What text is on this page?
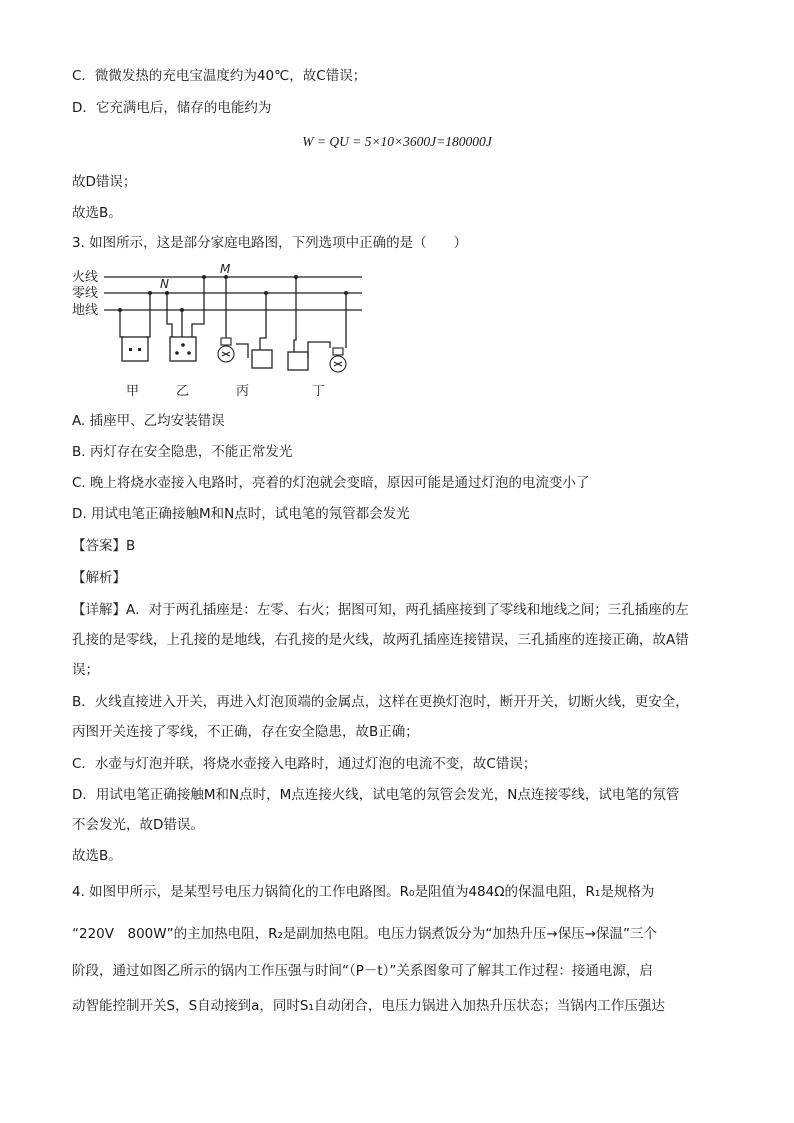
C．微微发热的充电宝温度约为40℃，故C错误；
D．它充满电后，储存的电能约为
W = QU = 5×10×3600J=180000J
故D错误；
故选B。
3. 如图所示，这是部分家庭电路图，下列选项中正确的是（　　）
火线
零线
地线
M
N
甲	乙	丙	丁
A. 插座甲、乙均安装错误
B. 丙灯存在安全隐患，不能正常发光
C. 晚上将烧水壶接入电路时，亮着的灯泡就会变暗，原因可能是通过灯泡的电流变小了
D. 用试电笔正确接触M和N点时，试电笔的氖管都会发光
【答案】B
【解析】
【详解】A．对于两孔插座是：左零、右火；据图可知，两孔插座接到了零线和地线之间；三孔插座的左
孔接的是零线，上孔接的是地线，右孔接的是火线，故两孔插座连接错误，三孔插座的连接正确，故A错
误；
B．火线直接进入开关，再进入灯泡顶端的金属点，这样在更换灯泡时，断开开关，切断火线，更安全，
丙图开关连接了零线，不正确，存在安全隐患，故B正确；
C．水壶与灯泡并联，将烧水壶接入电路时，通过灯泡的电流不变，故C错误；
D．用试电笔正确接触M和N点时，M点连接火线，试电笔的氖管会发光，N点连接零线，试电笔的氖管
不会发光，故D错误。
故选B。
4. 如图甲所示，是某型号电压力锅简化的工作电路图。R₀是阻值为484Ω的保温电阻，R₁是规格为
“220V　800W”的主加热电阻，R₂是副加热电阻。电压力锅煮饭分为“加热升压→保压→保温”三个
阶段，通过如图乙所示的锅内工作压强与时间“（P－t）”关系图象可了解其工作过程：接通电源，启
动智能控制开关S，S自动接到a，同时S₁自动闭合，电压力锅进入加热升压状态；当锅内工作压强达
